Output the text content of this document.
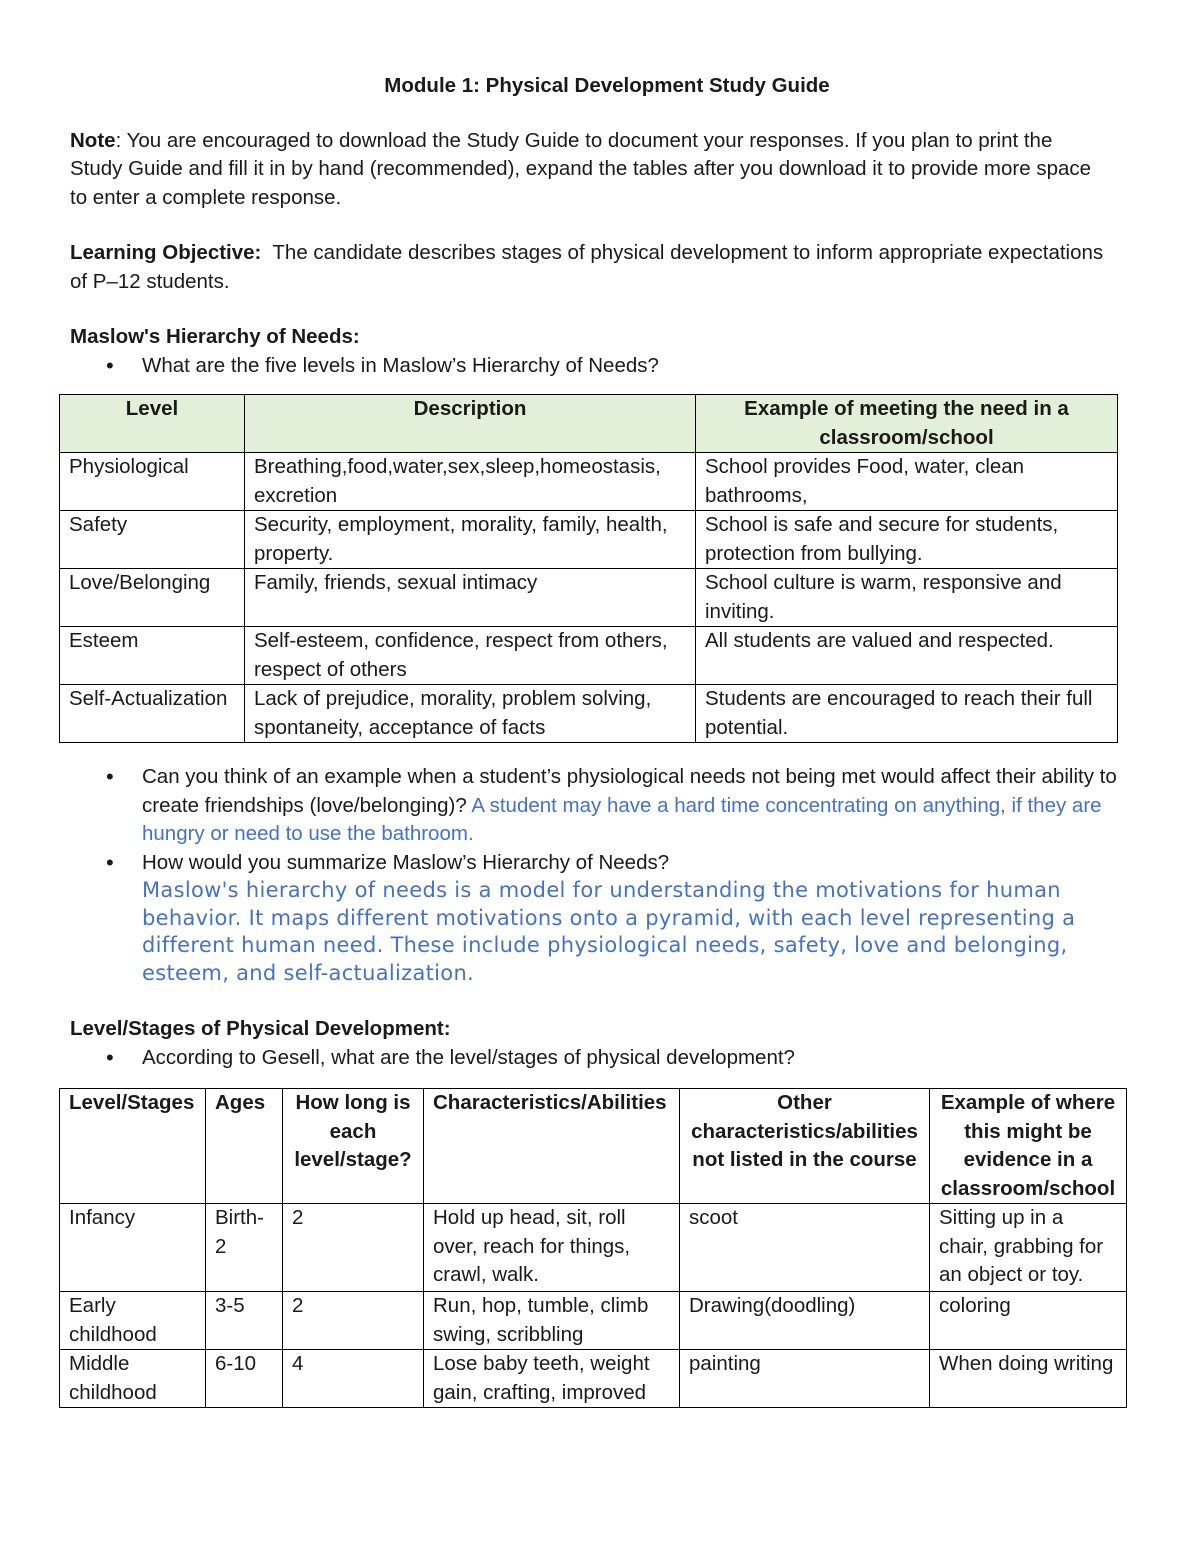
Module 1: Physical Development Study Guide

Note: You are encouraged to download the Study Guide to document your responses. If you plan to print the Study Guide and fill it in by hand (recommended), expand the tables after you download it to provide more space to enter a complete response.

Learning Objective:  The candidate describes stages of physical development to inform appropriate expectations of P–12 students.

Maslow's Hierarchy of Needs:

• What are the five levels in Maslow’s Hierarchy of Needs?
Level	Description	Example of meeting the need in a classroom/school
Physiological	Breathing,food,water,sex,sleep,homeostasis, excretion	School provides Food, water, clean bathrooms,
Safety	Security, employment, morality, family, health, property.	School is safe and secure for students, protection from bullying.
Love/Belonging	Family, friends, sexual intimacy	School culture is warm, responsive and inviting.
Esteem	Self-esteem, confidence, respect from others, respect of others	All students are valued and respected.
Self-Actualization	Lack of prejudice, morality, problem solving, spontaneity, acceptance of facts	Students are encouraged to reach their full potential.
• Can you think of an example when a student’s physiological needs not being met would affect their ability to create friendships (love/belonging)? A student may have a hard time concentrating on anything, if they are hungry or need to use the bathroom.
• How would you summarize Maslow’s Hierarchy of Needs?
Maslow's hierarchy of needs is a model for understanding the motivations for human behavior. It maps different motivations onto a pyramid, with each level representing a different human need. These include physiological needs, safety, love and belonging, esteem, and self-actualization.

Level/Stages of Physical Development:

• According to Gesell, what are the level/stages of physical development?
Level/Stages	Ages	How long is each level/stage?	Characteristics/Abilities	Other characteristics/abilities not listed in the course	Example of where this might be evidence in a classroom/school
Infancy	Birth-2	2	Hold up head, sit, roll over, reach for things, crawl, walk.	scoot	Sitting up in a chair, grabbing for an object or toy.
Early childhood	3-5	2	Run, hop, tumble, climb swing, scribbling	Drawing(doodling)	coloring
Middle childhood	6-10	4	Lose baby teeth, weight gain, crafting, improved	painting	When doing writing
